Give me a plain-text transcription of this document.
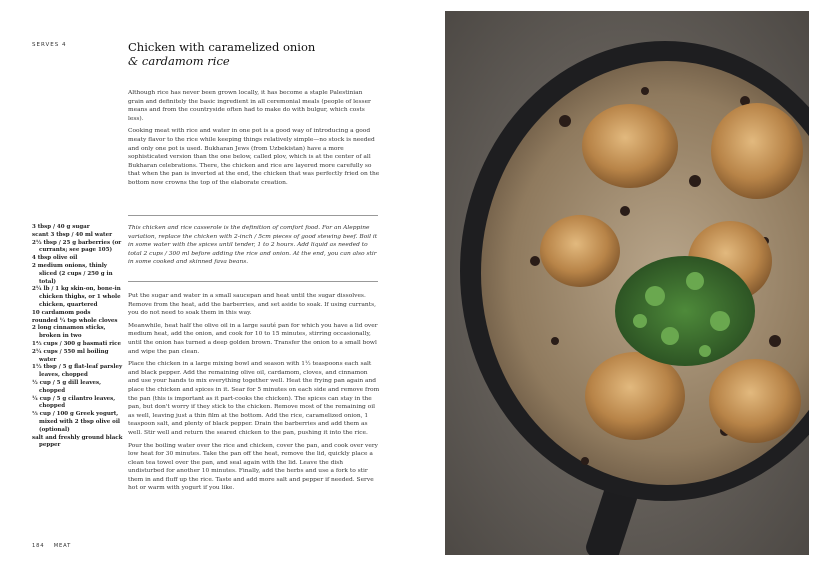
SERVES 4	Chicken with caramelized onion
& cardamom rice

Although rice has never been grown locally, it has become a staple Palestinian grain and definitely the basic ingredient in all ceremonial meals (people of lesser means and from the countryside often had to make do with bulgur, which costs less).

Cooking meat with rice and water in one pot is a good way of introducing a good meaty flavor to the rice while keeping things relatively simple—no stock is needed and only one pot is used. Bukharan Jews (from Uzbekistan) have a more sophisticated version than the one below, called plov, which is at the center of all Bukharan celebrations. There, the chicken and rice are layered more carefully so that when the pan is inverted at the end, the chicken that was perfectly fried on the bottom now crowns the top of the elaborate creation.

This chicken and rice casserole is the definition of comfort food. For an Aleppine variation, replace the chicken with 2-inch / 5cm pieces of good stewing beef. Boil it in some water with the spices until tender, 1 to 2 hours. Add liquid as needed to total 2 cups / 300 ml before adding the rice and onion. At the end, you can also stir in some cooked and skinned fava beans.
3 tbsp / 40 g sugar
scant 3 tbsp / 40 ml water
2½ tbsp / 25 g barberries (or currants; see page 105)
4 tbsp olive oil
2 medium onions, thinly sliced (2 cups / 250 g in total)
2¼ lb / 1 kg skin-on, bone-in chicken thighs, or 1 whole chicken, quartered
10 cardamom pods
rounded ¼ tsp whole cloves
2 long cinnamon sticks, broken in two
1⅔ cups / 300 g basmati rice
2¼ cups / 550 ml boiling water
1½ tbsp / 5 g flat-leaf parsley leaves, chopped
½ cup / 5 g dill leaves, chopped
¼ cup / 5 g cilantro leaves, chopped
⅓ cup / 100 g Greek yogurt, mixed with 2 tbsp olive oil (optional)
salt and freshly ground black pepper

Put the sugar and water in a small saucepan and heat until the sugar dissolves. Remove from the heat, add the barberries, and set aside to soak. If using currants, you do not need to soak them in this way.

Meanwhile, heat half the olive oil in a large sauté pan for which you have a lid over medium heat, add the onion, and cook for 10 to 15 minutes, stirring occasionally, until the onion has turned a deep golden brown. Transfer the onion to a small bowl and wipe the pan clean.

Place the chicken in a large mixing bowl and season with 1½ teaspoons each salt and black pepper. Add the remaining olive oil, cardamom, cloves, and cinnamon and use your hands to mix everything together well. Heat the frying pan again and place the chicken and spices in it. Sear for 5 minutes on each side and remove from the pan (this is important as it part-cooks the chicken). The spices can stay in the pan, but don't worry if they stick to the chicken. Remove most of the remaining oil as well, leaving just a thin film at the bottom. Add the rice, caramelized onion, 1 teaspoon salt, and plenty of black pepper. Drain the barberries and add them as well. Stir well and return the seared chicken to the pan, pushing it into the rice.

Pour the boiling water over the rice and chicken, cover the pan, and cook over very low heat for 30 minutes. Take the pan off the heat, remove the lid, quickly place a clean tea towel over the pan, and seal again with the lid. Leave the dish undisturbed for another 10 minutes. Finally, add the herbs and use a fork to stir them in and fluff up the rice. Taste and add more salt and pepper if needed. Serve hot or warm with yogurt if you like.

184 MEAT
